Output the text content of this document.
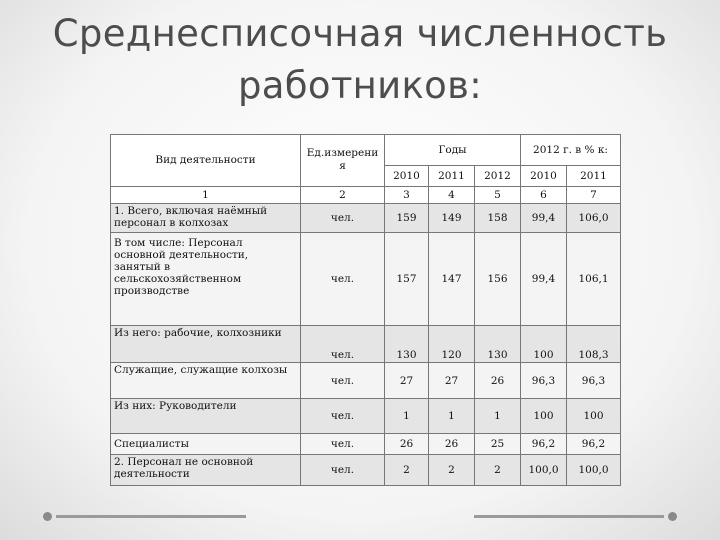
Среднесписочная численность
работников:
Вид деятельности	Ед.измерени я	Годы			2012 г. в % к:	
		2010	2011	2012	2010	2011
1	2	3	4	5	6	7
1. Всего, включая наёмный персонал в колхозах	чел.	159	149	158	99,4	106,0
В том числе: Персонал основной деятельности, занятый в сельскохозяйственном производстве	чел.	157	147	156	99,4	106,1
Из него: рабочие, колхозники	чел.	130	120	130	100	108,3
Служащие, служащие колхозы	чел.	27	27	26	96,3	96,3
Из них: Руководители	чел.	1	1	1	100	100
Специалисты	чел.	26	26	25	96,2	96,2
2. Персонал не основной деятельности	чел.	2	2	2	100,0	100,0
